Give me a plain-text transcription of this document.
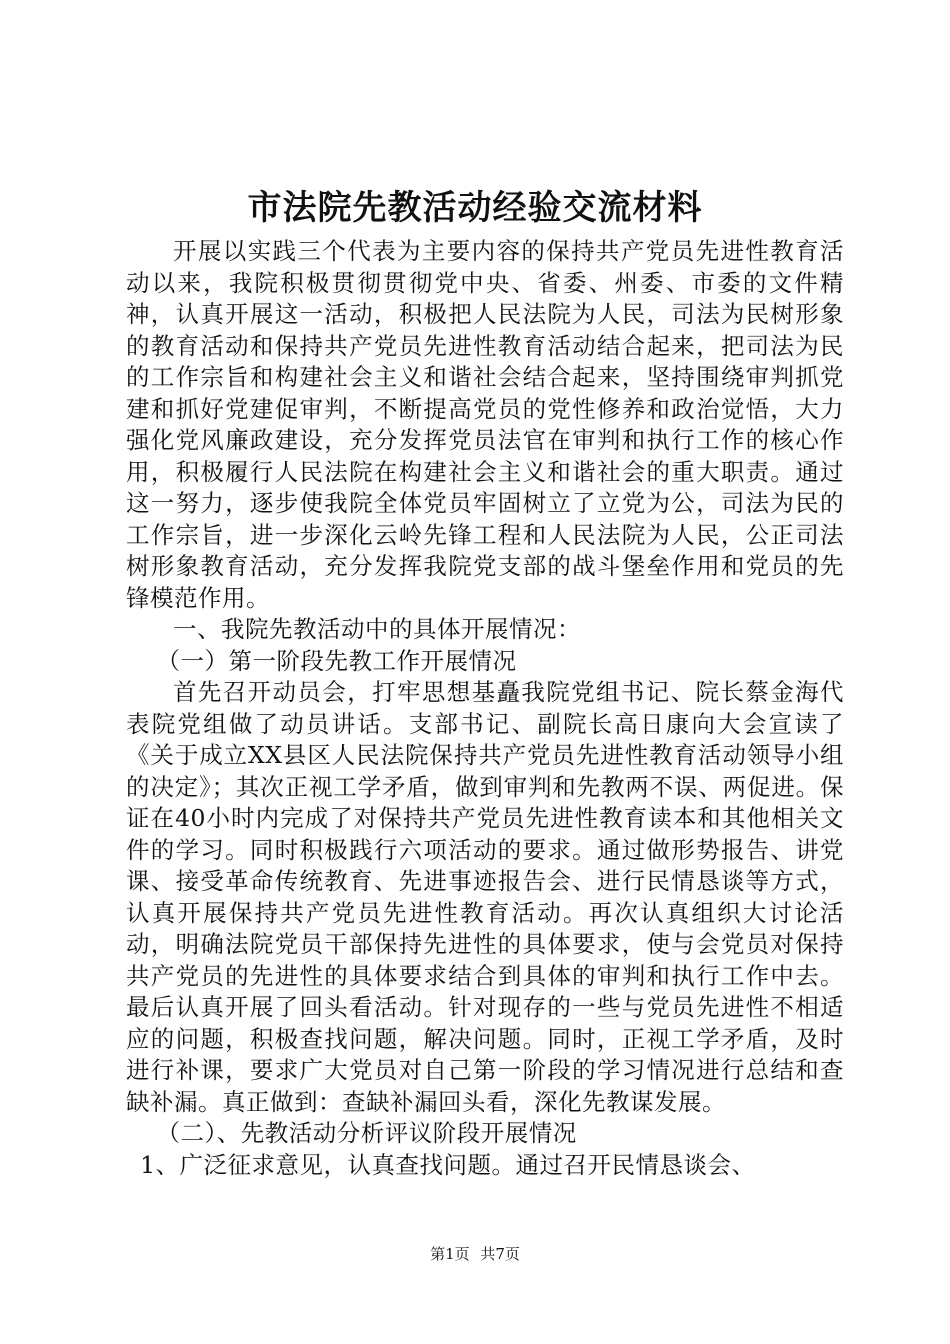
市法院先教活动经验交流材料

开展以实践三个代表为主要内容的保持共产党员先进性教育活动以来，我院积极贯彻贯彻党中央、省委、州委、市委的文件精神，认真开展这一活动，积极把人民法院为人民，司法为民树形象的教育活动和保持共产党员先进性教育活动结合起来，把司法为民的工作宗旨和构建社会主义和谐社会结合起来，坚持围绕审判抓党建和抓好党建促审判，不断提高党员的党性修养和政治觉悟，大力强化党风廉政建设，充分发挥党员法官在审判和执行工作的核心作用，积极履行人民法院在构建社会主义和谐社会的重大职责。通过这一努力，逐步使我院全体党员牢固树立了立党为公，司法为民的工作宗旨，进一步深化云岭先锋工程和人民法院为人民，公正司法树形象教育活动，充分发挥我院党支部的战斗堡垒作用和党员的先锋模范作用。

一、我院先教活动中的具体开展情况：

（一）第一阶段先教工作开展情况

首先召开动员会，打牢思想基矗我院党组书记、院长蔡金海代表院党组做了动员讲话。支部书记、副院长高日康向大会宣读了《关于成立XX县区人民法院保持共产党员先进性教育活动领导小组的决定》；其次正视工学矛盾，做到审判和先教两不误、两促进。保证在40小时内完成了对保持共产党员先进性教育读本和其他相关文件的学习。同时积极践行六项活动的要求。通过做形势报告、讲党课、接受革命传统教育、先进事迹报告会、进行民情恳谈等方式，认真开展保持共产党员先进性教育活动。再次认真组织大讨论活动，明确法院党员干部保持先进性的具体要求，使与会党员对保持共产党员的先进性的具体要求结合到具体的审判和执行工作中去。最后认真开展了回头看活动。针对现存的一些与党员先进性不相适应的问题，积极查找问题，解决问题。同时，正视工学矛盾，及时进行补课，要求广大党员对自己第一阶段的学习情况进行总结和查缺补漏。真正做到：查缺补漏回头看，深化先教谋发展。

（二）、先教活动分析评议阶段开展情况

1、广泛征求意见，认真查找问题。通过召开民情恳谈会、

第1页 共7页
